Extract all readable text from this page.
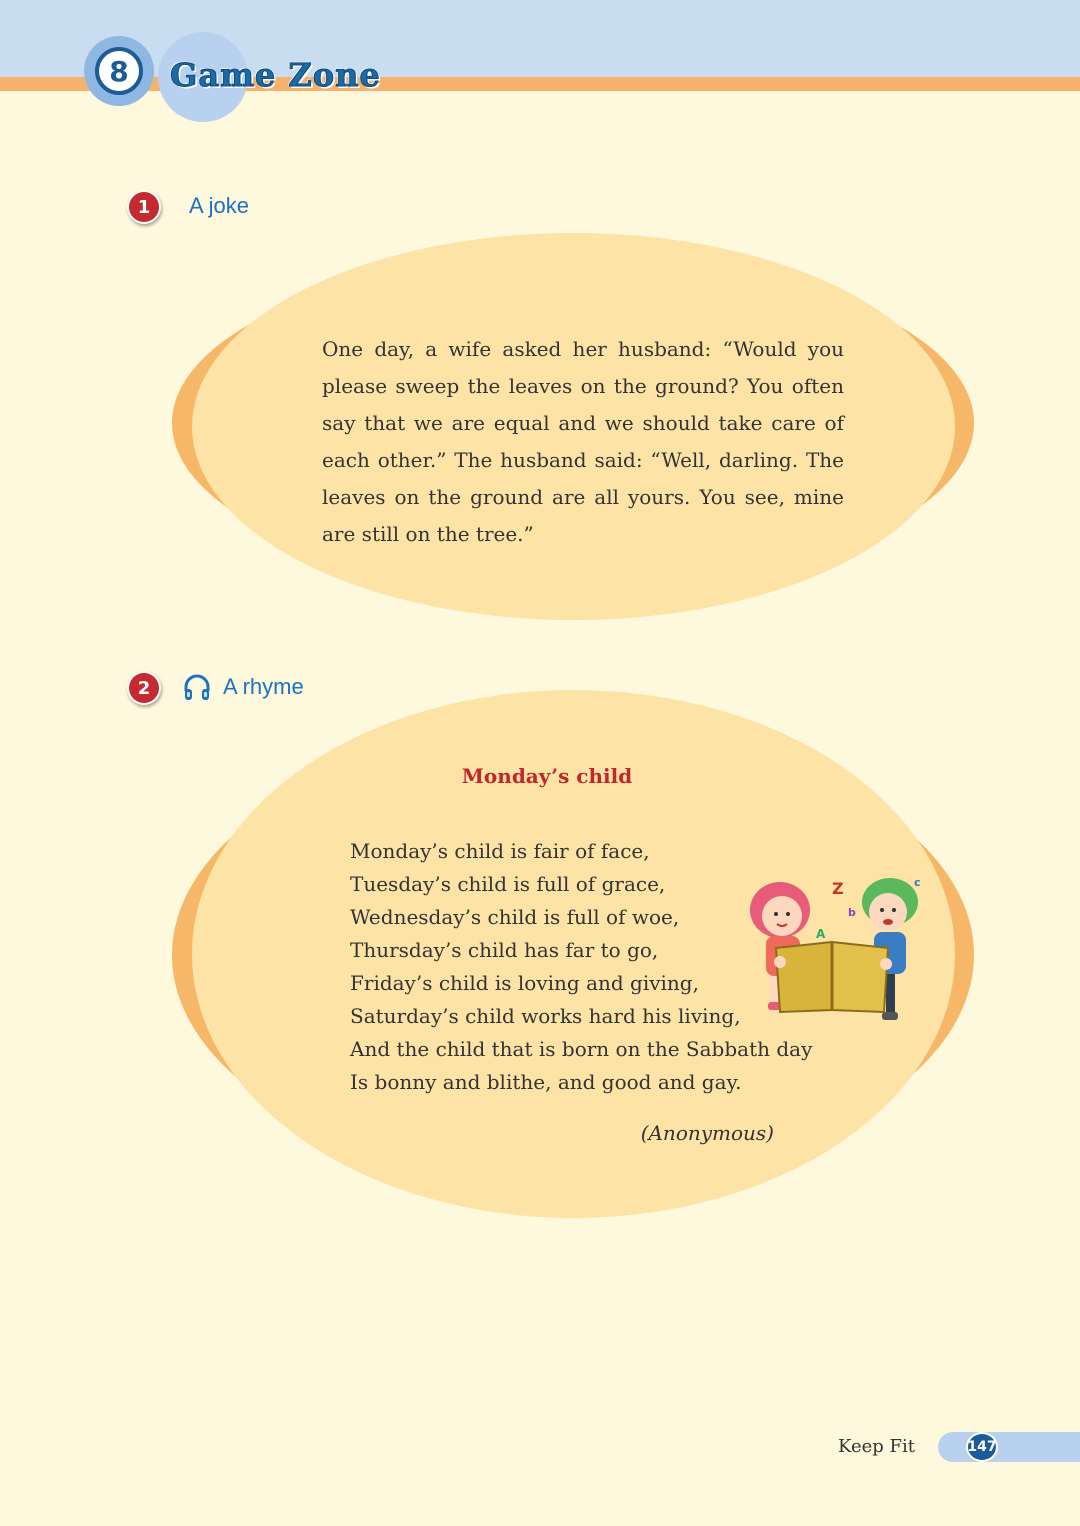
8	Game Zone
1	A joke

One day, a wife asked her husband: “Would you please sweep the leaves on the ground? You often say that we are equal and we should take care of each other.” The husband said: “Well, darling. The leaves on the ground are all yours. You see, mine are still on the tree.”

2	A rhyme
Monday’s child
Monday’s child is fair of face,
Tuesday’s child is full of grace,
Wednesday’s child is full of woe,
Thursday’s child has far to go,
Friday’s child is loving and giving,
Saturday’s child works hard his living,
And the child that is born on the Sabbath day
Is bonny and blithe, and good and gay.
(Anonymous)
Z
b
c
A
Keep Fit	147
